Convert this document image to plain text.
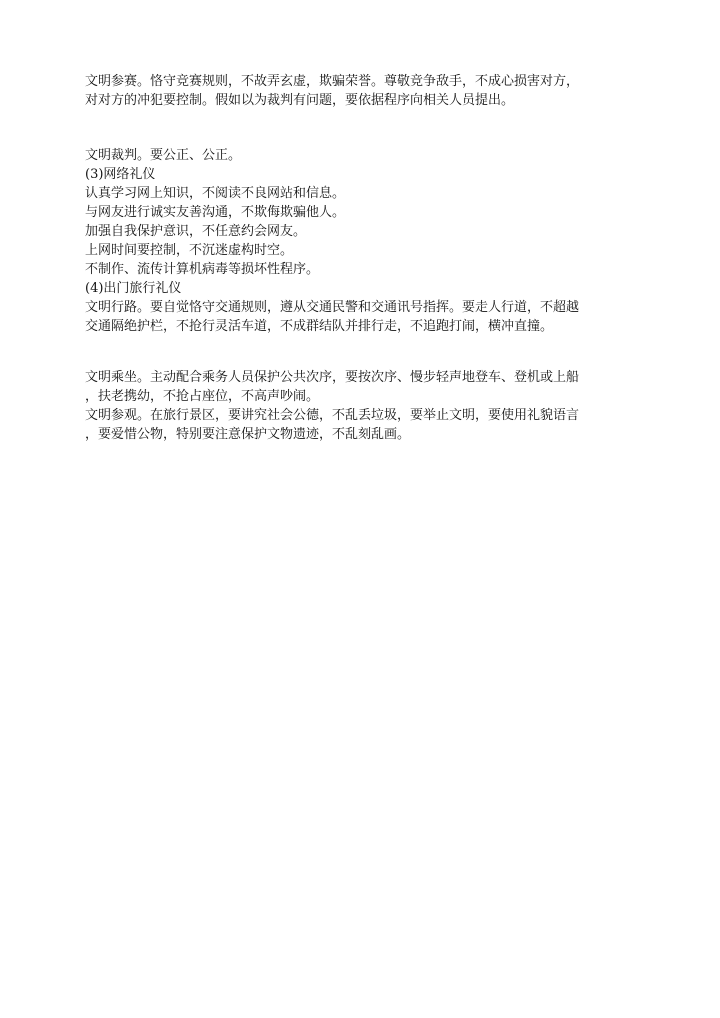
文明参赛。恪守竞赛规则，不故弄玄虚，欺骗荣誉。尊敬竞争敌手，不成心损害对方，
对对方的冲犯要控制。假如以为裁判有问题，要依据程序向相关人员提出。
文明裁判。要公正、公正。
(3)网络礼仪
认真学习网上知识，不阅读不良网站和信息。
与网友进行诚实友善沟通，不欺侮欺骗他人。
加强自我保护意识，不任意约会网友。
上网时间要控制，不沉迷虚构时空。
不制作、流传计算机病毒等损坏性程序。
(4)出门旅行礼仪
文明行路。要自觉恪守交通规则，遵从交通民警和交通讯号指挥。要走人行道，不超越
交通隔绝护栏，不抢行灵活车道，不成群结队并排行走，不追跑打闹，横冲直撞。
文明乘坐。主动配合乘务人员保护公共次序，要按次序、慢步轻声地登车、登机或上船
，扶老携幼，不抢占座位，不高声吵闹。
文明参观。在旅行景区，要讲究社会公德，不乱丢垃圾，要举止文明，要使用礼貌语言
，要爱惜公物，特别要注意保护文物遗迹，不乱刻乱画。
